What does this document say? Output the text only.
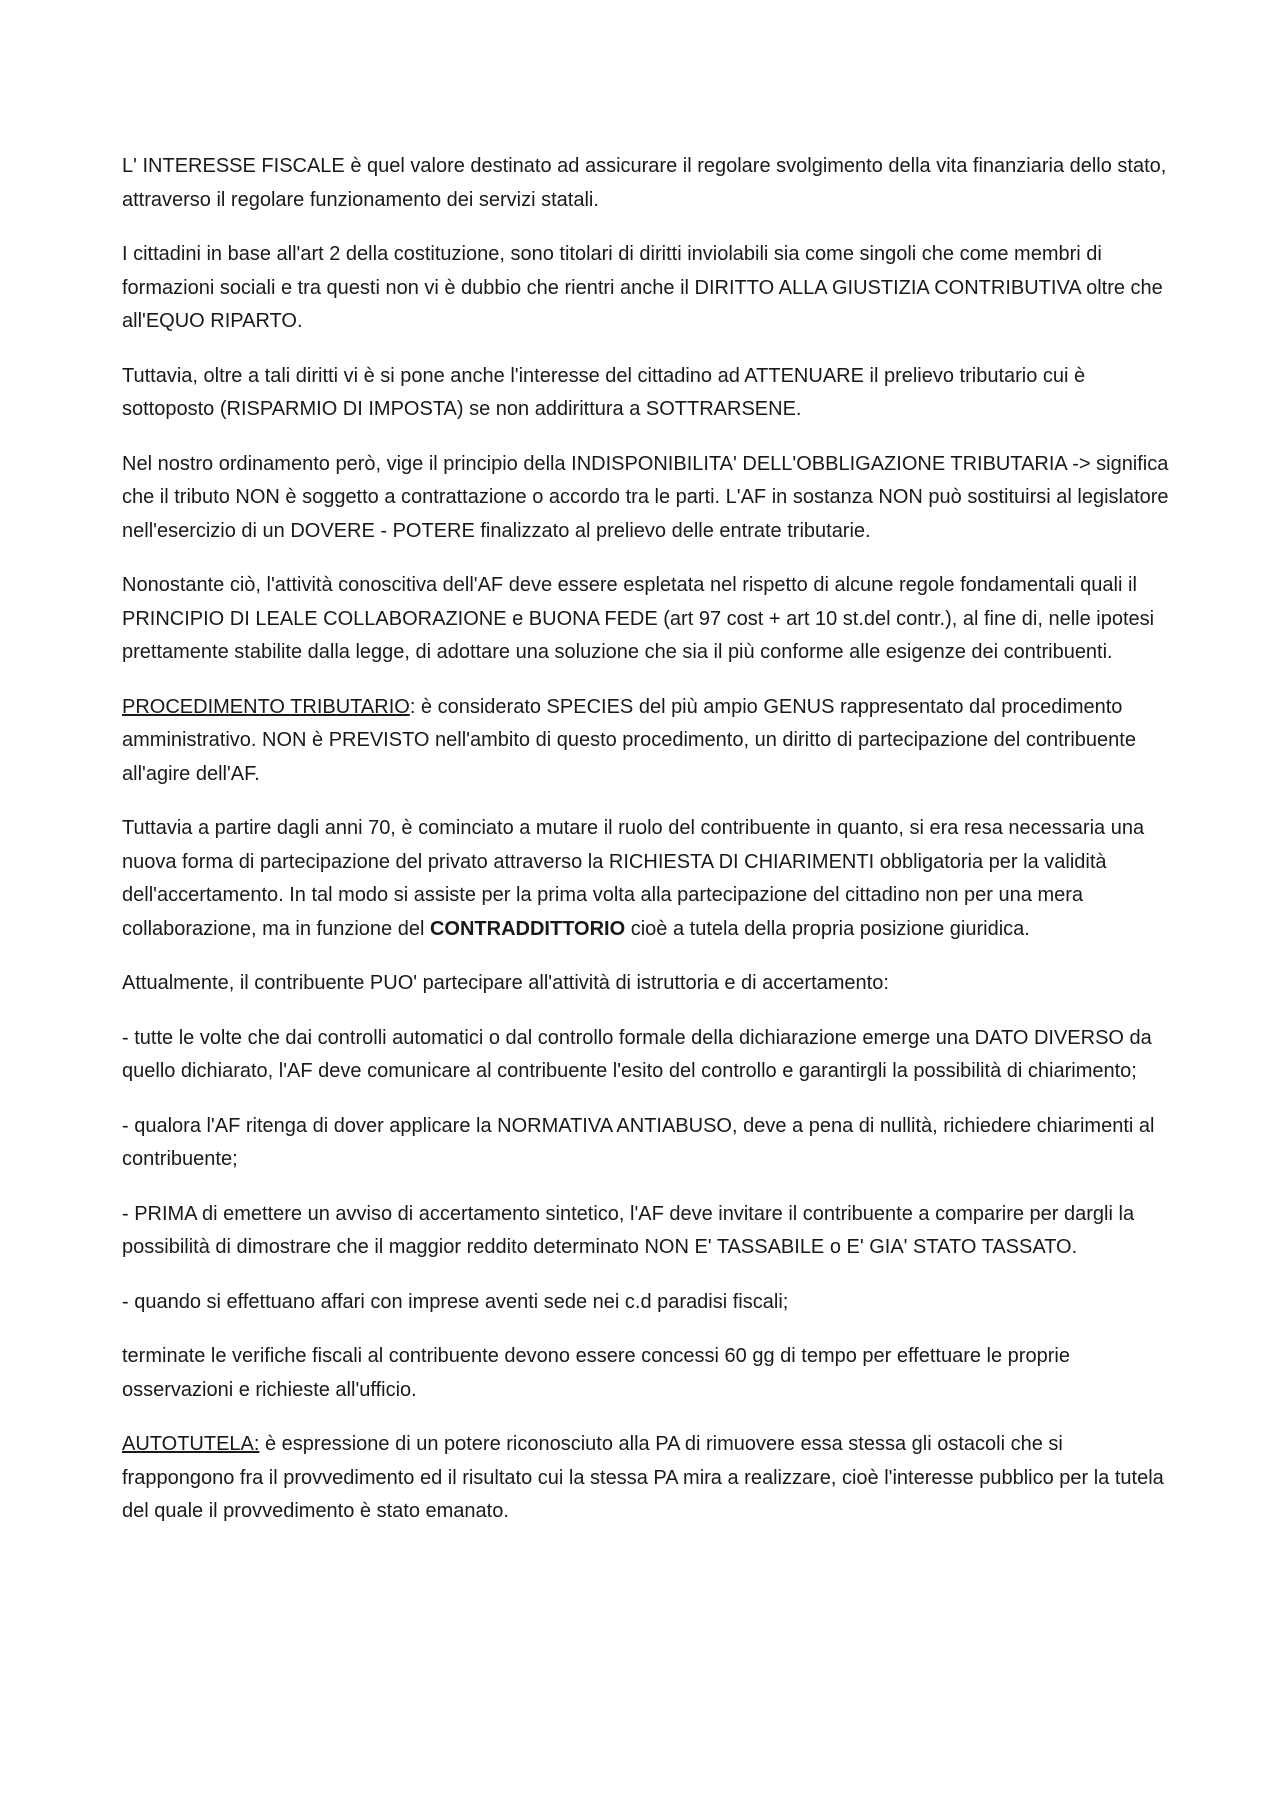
L' INTERESSE FISCALE è quel valore destinato ad assicurare il regolare svolgimento della vita finanziaria dello stato, attraverso il regolare funzionamento dei servizi statali.

I cittadini in base all'art 2 della costituzione, sono titolari di diritti inviolabili sia come singoli che come membri di formazioni sociali e tra questi non vi è dubbio che rientri anche il DIRITTO ALLA GIUSTIZIA CONTRIBUTIVA oltre che all'EQUO RIPARTO.

Tuttavia, oltre a tali diritti vi è si pone anche l'interesse del cittadino ad ATTENUARE il prelievo tributario cui è sottoposto (RISPARMIO DI IMPOSTA) se non addirittura a SOTTRARSENE.

Nel nostro ordinamento però, vige il principio della INDISPONIBILITA' DELL'OBBLIGAZIONE TRIBUTARIA -> significa che il tributo NON è soggetto a contrattazione o accordo tra le parti. L'AF in sostanza NON può sostituirsi al legislatore nell'esercizio di un DOVERE - POTERE finalizzato al prelievo delle entrate tributarie.

Nonostante ciò, l'attività conoscitiva dell'AF deve essere espletata nel rispetto di alcune regole fondamentali quali il PRINCIPIO DI LEALE COLLABORAZIONE e BUONA FEDE (art 97 cost + art 10 st.del contr.), al fine di, nelle ipotesi prettamente stabilite dalla legge, di adottare una soluzione che sia il più conforme alle esigenze dei contribuenti.

PROCEDIMENTO TRIBUTARIO: è considerato SPECIES del più ampio GENUS rappresentato dal procedimento amministrativo. NON è PREVISTO nell'ambito di questo procedimento, un diritto di partecipazione del contribuente all'agire dell'AF.

Tuttavia a partire dagli anni 70, è cominciato a mutare il ruolo del contribuente in quanto, si era resa necessaria una nuova forma di partecipazione del privato attraverso la RICHIESTA DI CHIARIMENTI obbligatoria per la validità dell'accertamento. In tal modo si assiste per la prima volta alla partecipazione del cittadino non per una mera collaborazione, ma in funzione del CONTRADDITTORIO cioè a tutela della propria posizione giuridica.

Attualmente, il contribuente PUO' partecipare all'attività di istruttoria e di accertamento:

- tutte le volte che dai controlli automatici o dal controllo formale della dichiarazione emerge una DATO DIVERSO da quello dichiarato, l'AF deve comunicare al contribuente l'esito del controllo e garantirgli la possibilità di chiarimento;

- qualora l'AF ritenga di dover applicare la NORMATIVA ANTIABUSO, deve a pena di nullità, richiedere chiarimenti al contribuente;

- PRIMA di emettere un avviso di accertamento sintetico, l'AF deve invitare il contribuente a comparire per dargli la possibilità di dimostrare che il maggior reddito determinato NON E' TASSABILE o E' GIA' STATO TASSATO.

- quando si effettuano affari con imprese aventi sede nei c.d paradisi fiscali;

terminate le verifiche fiscali al contribuente devono essere concessi 60 gg di tempo per effettuare le proprie osservazioni e richieste all'ufficio.

AUTOTUTELA: è espressione di un potere riconosciuto alla PA di rimuovere essa stessa gli ostacoli che si frappongono fra il provvedimento ed il risultato cui la stessa PA mira a realizzare, cioè l'interesse pubblico per la tutela del quale il provvedimento è stato emanato.
